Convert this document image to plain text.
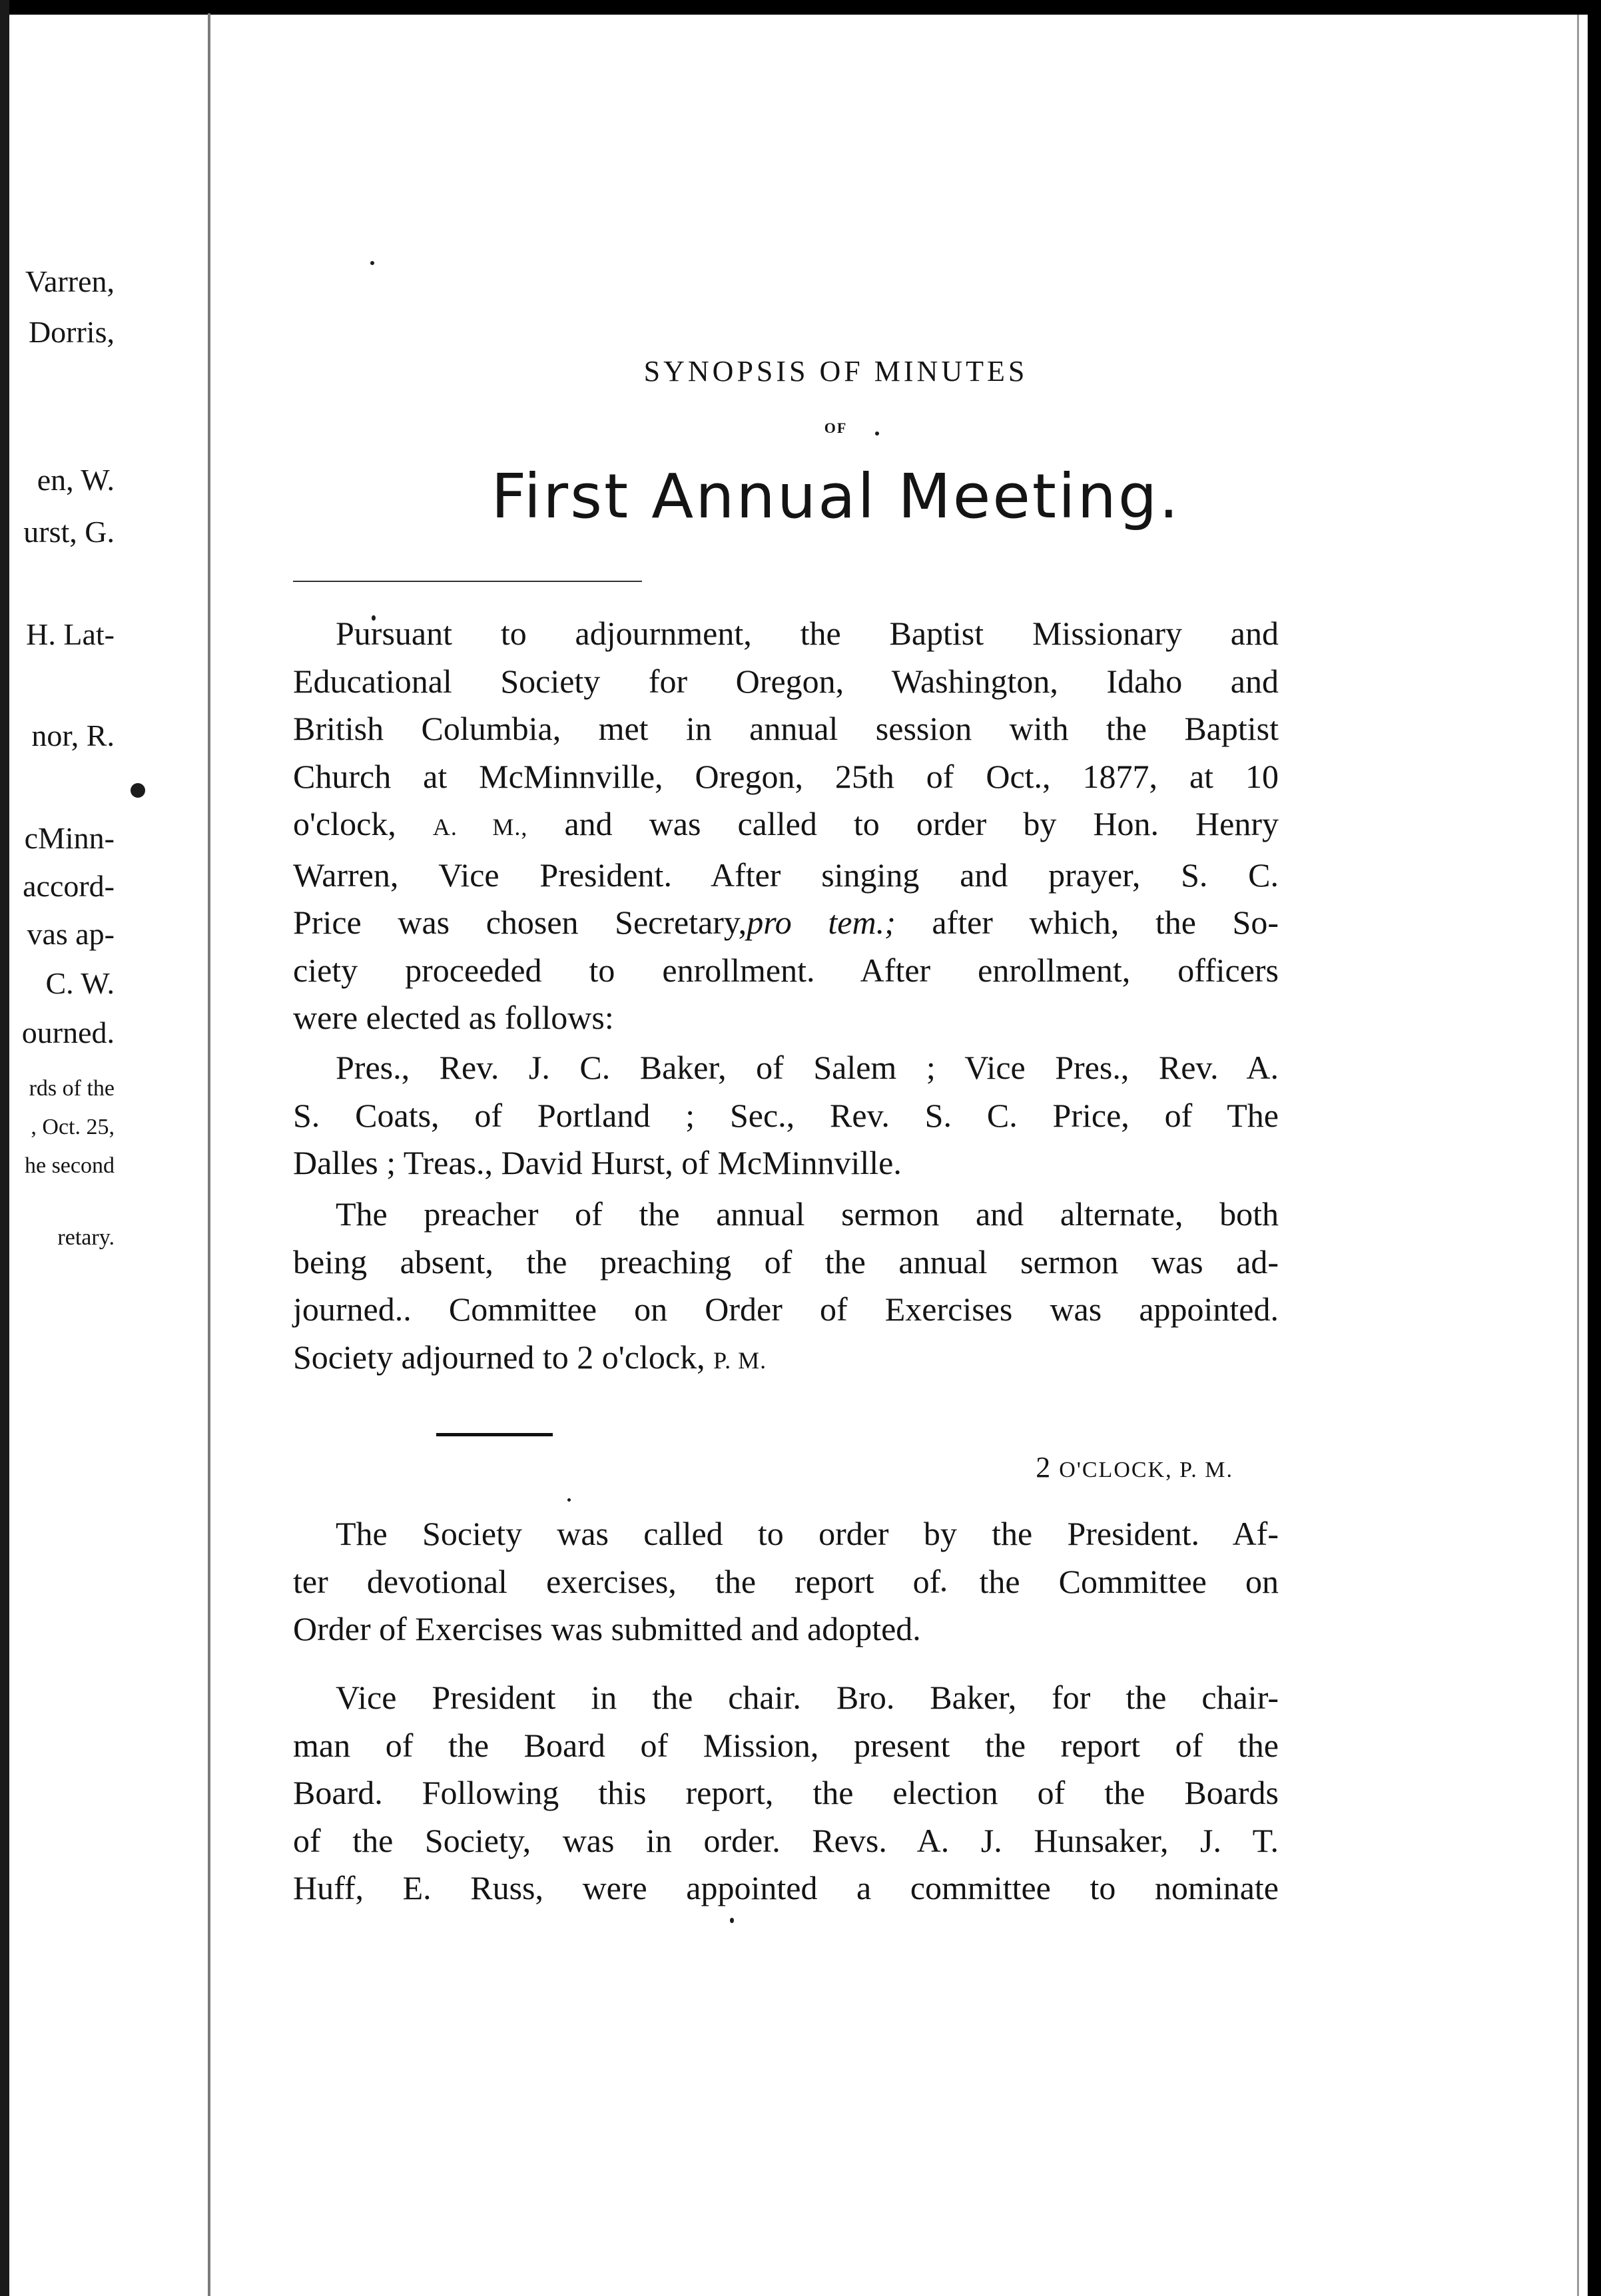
Varren,
Dorris,
en, W.
urst, G.
H. Lat-
nor, R.
cMinn-
accord-
vas ap-
C. W.
ourned.
rds of the
, Oct. 25,
he second
retary.
SYNOPSIS OF MINUTES
OF
First Annual Meeting.
Pursuant to adjournment, the Baptist Missionary and
Educational Society for Oregon, Washington, Idaho and
British Columbia, met in annual session with the Baptist
Church at McMinnville, Oregon, 25th of Oct., 1877, at 10
o'clock, A. M., and was called to order by Hon. Henry
Warren, Vice President. After singing and prayer, S. C.
Price was chosen Secretary,pro tem.; after which, the So-
ciety proceeded to enrollment. After enrollment, officers
were elected as follows:
Pres., Rev. J. C. Baker, of Salem ; Vice Pres., Rev. A.
S. Coats, of Portland ; Sec., Rev. S. C. Price, of The
Dalles ; Treas., David Hurst, of McMinnville.
The preacher of the annual sermon and alternate, both
being absent, the preaching of the annual sermon was ad-
journed.. Committee on Order of Exercises was appointed.
Society adjourned to 2 o'clock, P. M.
2 O'CLOCK, P. M.
The Society was called to order by the President. Af-
ter devotional exercises, the report of the Committee on
Order of Exercises was submitted and adopted.
Vice President in the chair. Bro. Baker, for the chair-
man of the Board of Mission, present the report of the
Board. Following this report, the election of the Boards
of the Society, was in order. Revs. A. J. Hunsaker, J. T.
Huff, E. Russ, were appointed a committee to nominate
